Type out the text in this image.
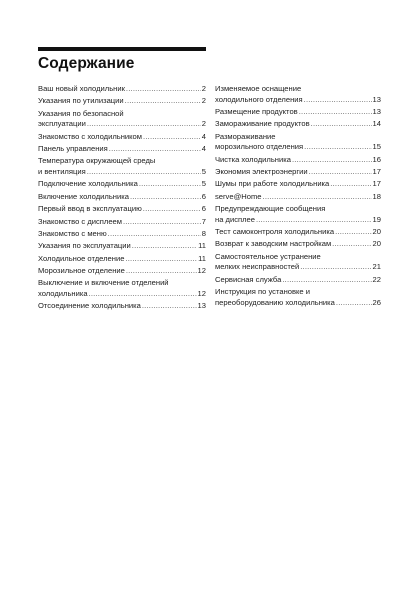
Содержание
Ваш новый холодильник .....	2
Указания по утилизации .....	2
Указания по безопасной
эксплуатации .....	2
Знакомство с холодильником .....	4
Панель управления .....	4
Температура окружающей среды
и вентиляция .....	5
Подключение холодильника .....	5
Включение холодильника .....	6
Первый ввод в эксплуатацию .....	6
Знакомство с дисплеем .....	7
Знакомство с меню .....	8
Указания по эксплуатации .....	11
Холодильное отделение .....	11
Морозильное отделение .....	12
Выключение и включение отделений
холодильника .....	12
Отсоединение холодильника .....	13
Изменяемое оснащение
холодильного отделения .....	13
Размещение продуктов .....	13
Замораживание продуктов .....	14
Размораживание
морозильного отделения .....	15
Чистка холодильника .....	16
Экономия электроэнергии .....	17
Шумы при работе холодильника .....	17
serve@Home .....	18
Предупреждающие сообщения
на дисплее .....	19
Тест самоконтроля холодильника .....	20
Возврат к заводским настройкам .....	20
Самостоятельное устранение
мелких неисправностей .....	21
Сервисная служба .....	22
Инструкция по установке и
переоборудованию холодильника .....	26
